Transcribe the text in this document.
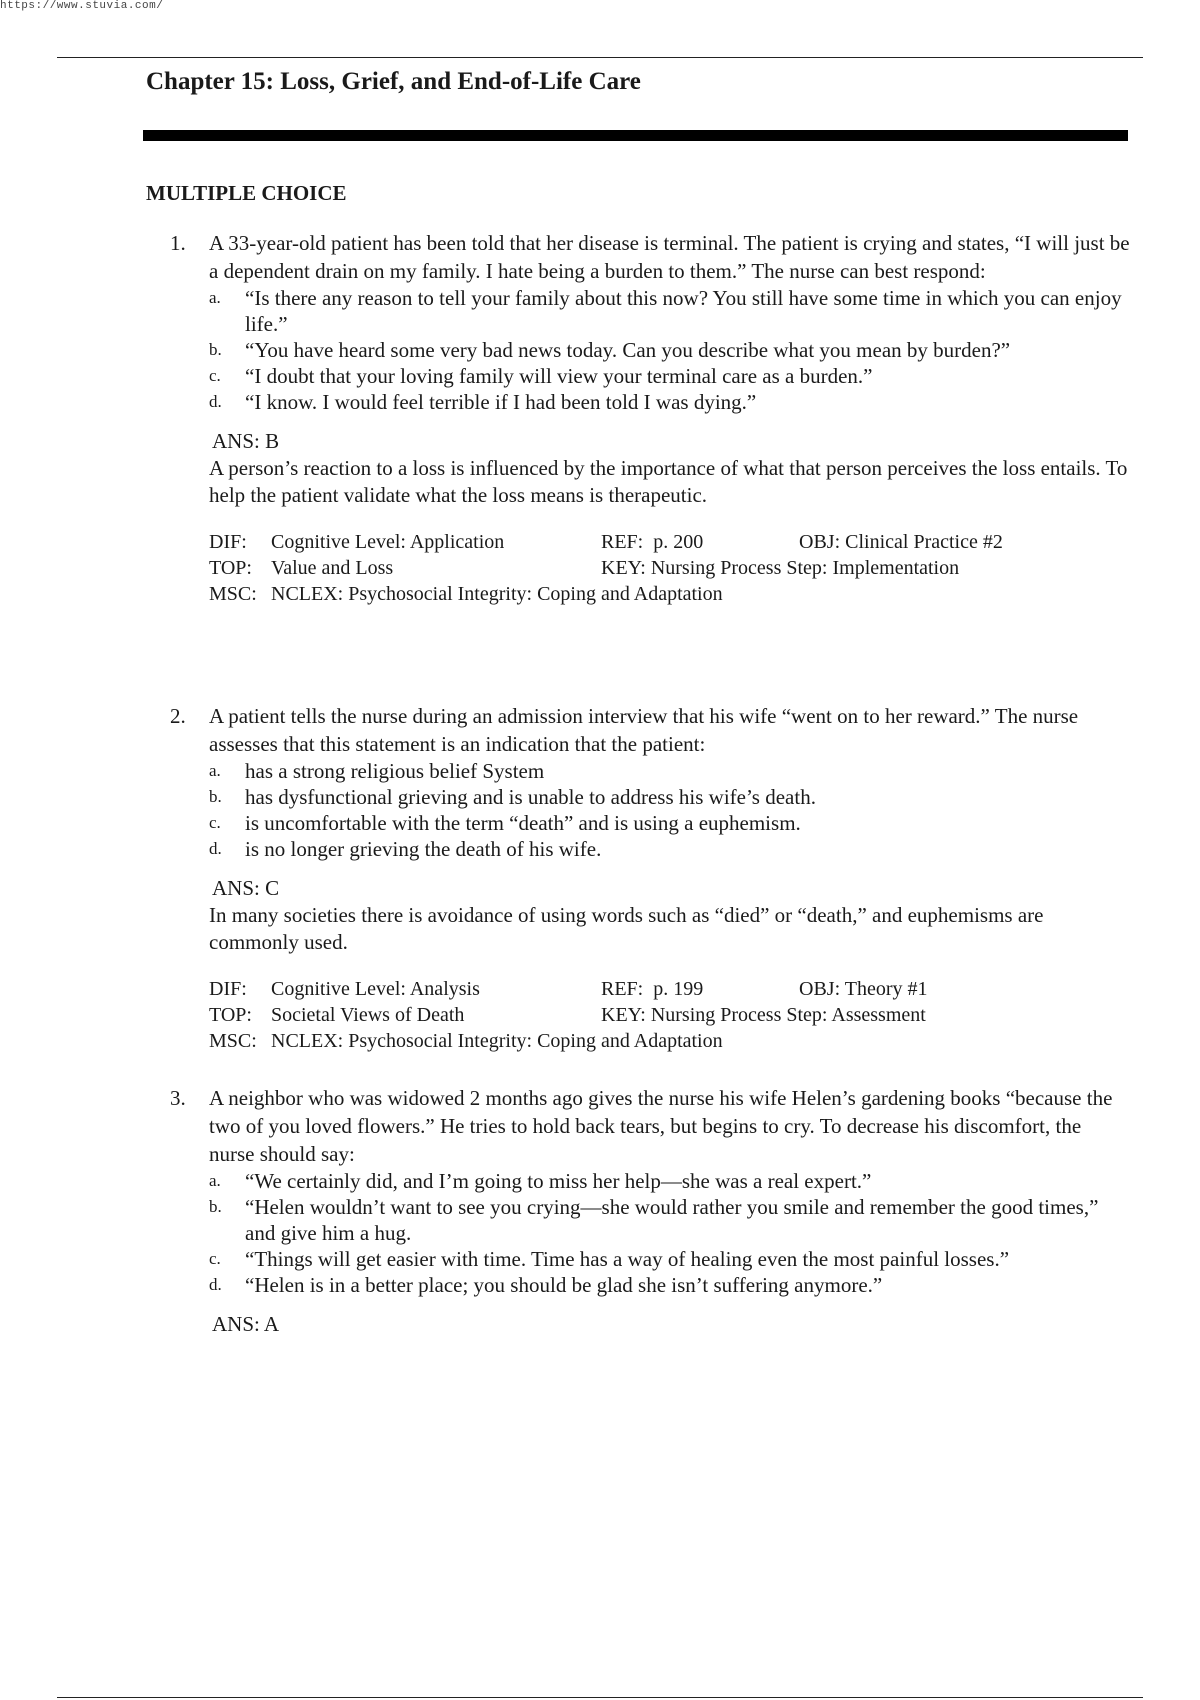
https://www.stuvia.com/
Chapter 15: Loss, Grief, and End-of-Life Care
MULTIPLE CHOICE
1. A 33-year-old patient has been told that her disease is terminal. The patient is crying and states, “I will just be a dependent drain on my family. I hate being a burden to them.” The nurse can best respond:
a. “Is there any reason to tell your family about this now? You still have some time in which you can enjoy life.”
b. “You have heard some very bad news today. Can you describe what you mean by burden?”
c. “I doubt that your loving family will view your terminal care as a burden.”
d. “I know. I would feel terrible if I had been told I was dying.”
ANS: B
A person’s reaction to a loss is influenced by the importance of what that person perceives the loss entails. To help the patient validate what the loss means is therapeutic.
DIF: Cognitive Level: Application	REF: p. 200	OBJ: Clinical Practice #2
TOP: Value and Loss	KEY: Nursing Process Step: Implementation
MSC: NCLEX: Psychosocial Integrity: Coping and Adaptation
2. A patient tells the nurse during an admission interview that his wife “went on to her reward.” The nurse assesses that this statement is an indication that the patient:
a. has a strong religious belief System
b. has dysfunctional grieving and is unable to address his wife’s death.
c. is uncomfortable with the term “death” and is using a euphemism.
d. is no longer grieving the death of his wife.
ANS: C
In many societies there is avoidance of using words such as “died” or “death,” and euphemisms are commonly used.
DIF: Cognitive Level: Analysis	REF: p. 199	OBJ: Theory #1
TOP: Societal Views of Death	KEY: Nursing Process Step: Assessment
MSC: NCLEX: Psychosocial Integrity: Coping and Adaptation
3. A neighbor who was widowed 2 months ago gives the nurse his wife Helen’s gardening books “because the two of you loved flowers.” He tries to hold back tears, but begins to cry. To decrease his discomfort, the nurse should say:
a. “We certainly did, and I’m going to miss her help—she was a real expert.”
b. “Helen wouldn’t want to see you crying—she would rather you smile and remember the good times,” and give him a hug.
c. “Things will get easier with time. Time has a way of healing even the most painful losses.”
d. “Helen is in a better place; you should be glad she isn’t suffering anymore.”
ANS: A
